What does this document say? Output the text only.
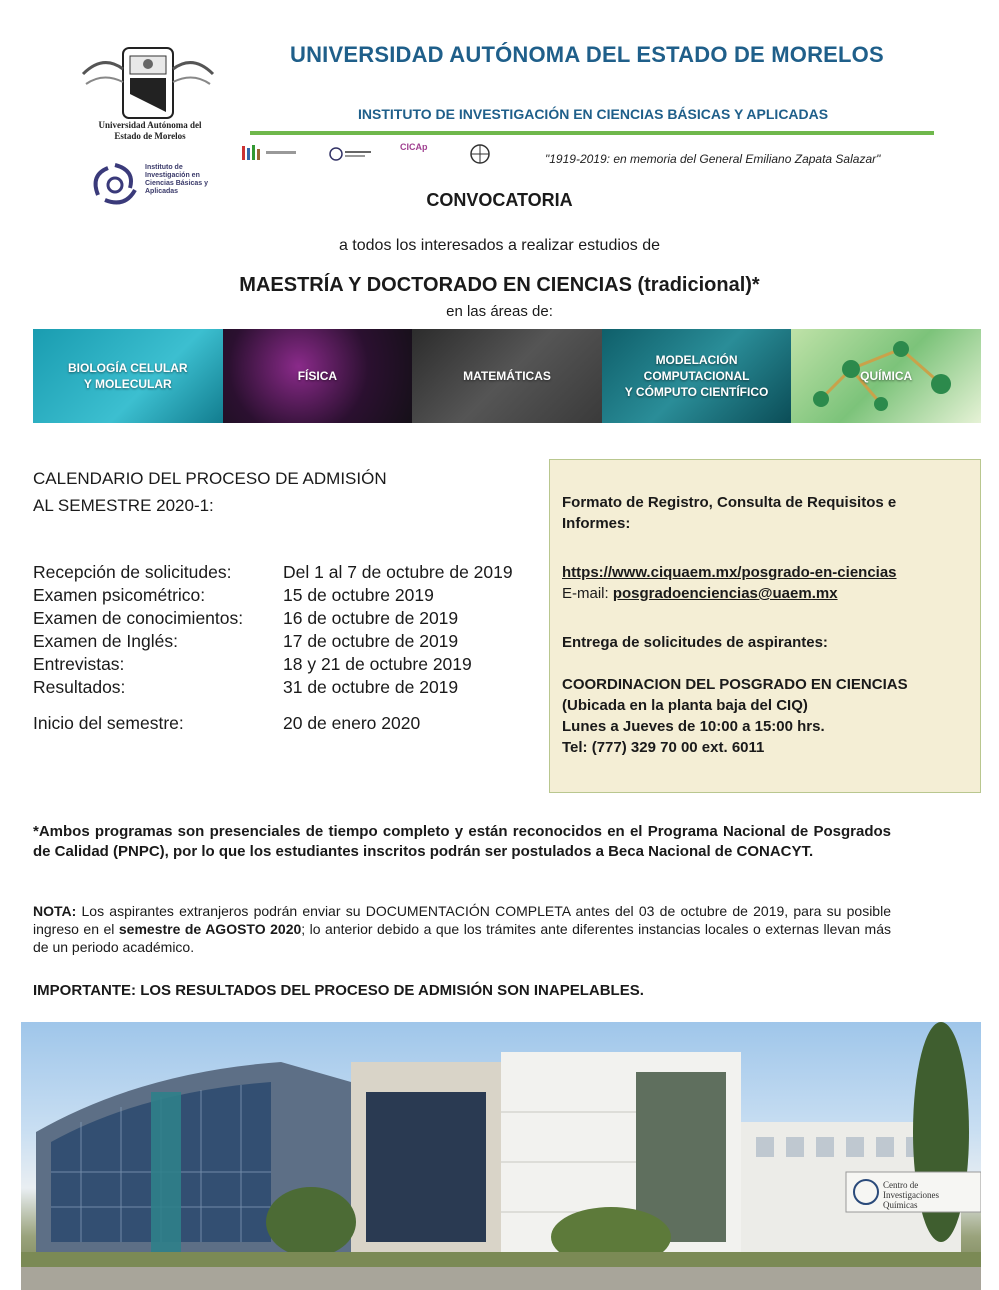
Universidad Autónoma del
Estado de Morelos
Instituto de Investigación en Ciencias Básicas y Aplicadas
UNIVERSIDAD AUTÓNOMA DEL ESTADO DE MORELOS
INSTITUTO DE INVESTIGACIÓN EN CIENCIAS BÁSICAS Y APLICADAS
CICAp
"1919-2019: en memoria del General Emiliano Zapata Salazar"
CONVOCATORIA
a todos los interesados a realizar estudios de
MAESTRÍA Y DOCTORADO EN CIENCIAS (tradicional)*
en las áreas de:
BIOLOGÍA CELULAR
Y MOLECULAR
FÍSICA	MATEMÁTICAS
MODELACIÓN
COMPUTACIONAL
Y CÓMPUTO CIENTÍFICO
QUÍMICA
CALENDARIO DEL PROCESO DE ADMISIÓN
AL SEMESTRE 2020-1:
Recepción de solicitudes:	Del 1 al 7 de octubre de 2019
Examen psicométrico:	15 de octubre 2019
Examen de conocimientos:	16 de octubre de 2019
Examen de Inglés:	17 de octubre de 2019
Entrevistas:	18 y 21 de octubre 2019
Resultados:	31 de octubre de 2019
Inicio del semestre:	20 de enero 2020
Formato de Registro, Consulta de Requisitos e Informes:
https://www.ciquaem.mx/posgrado-en-ciencias
E-mail: posgradoenciencias@uaem.mx
Entrega de solicitudes de aspirantes:
COORDINACION DEL POSGRADO EN CIENCIAS
(Ubicada en la planta baja del CIQ)
Lunes a Jueves de 10:00 a 15:00 hrs.
Tel: (777) 329 70 00 ext. 6011
*Ambos programas son presenciales de tiempo completo y están reconocidos en el Programa Nacional de Posgrados de Calidad (PNPC), por lo que los estudiantes inscritos podrán ser postulados a Beca Nacional de CONACYT.
NOTA: Los aspirantes extranjeros podrán enviar su DOCUMENTACIÓN COMPLETA antes del 03 de octubre de 2019, para su posible ingreso en el semestre de AGOSTO 2020; lo anterior debido a que los trámites ante diferentes instancias locales o externas llevan más de un periodo académico.
IMPORTANTE: LOS RESULTADOS DEL PROCESO DE ADMISIÓN SON INAPELABLES.
Centro de
Investigaciones
Químicas
